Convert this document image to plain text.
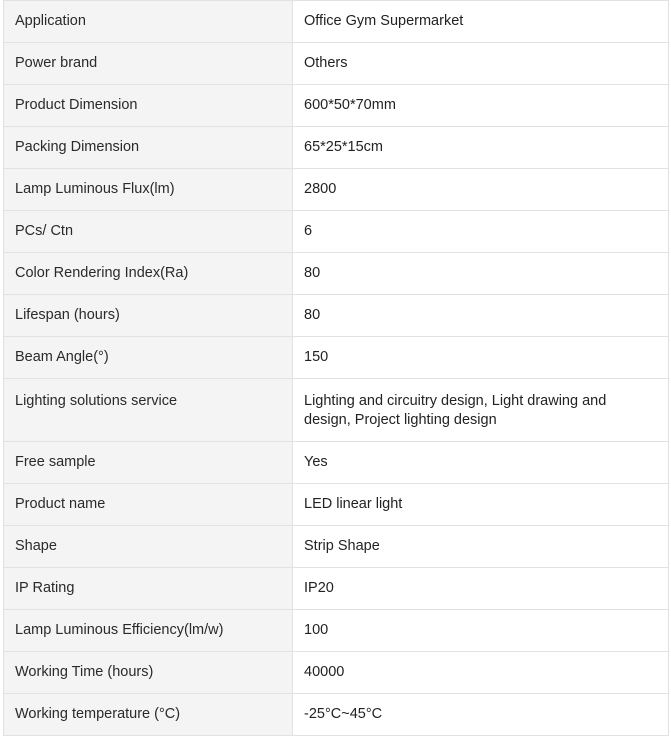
Application	Office Gym Supermarket
Power brand	Others
Product Dimension	600*50*70mm
Packing Dimension	65*25*15cm
Lamp Luminous Flux(lm)	2800
PCs/ Ctn	6
Color Rendering Index(Ra)	80
Lifespan (hours)	80
Beam Angle(°)	150
Lighting solutions service	Lighting and circuitry design, Light drawing and design, Project lighting design
Free sample	Yes
Product name	LED linear light
Shape	Strip Shape
IP Rating	IP20
Lamp Luminous Efficiency(lm/w)	100
Working Time (hours)	40000
Working temperature (°C)	-25°C~45°C
